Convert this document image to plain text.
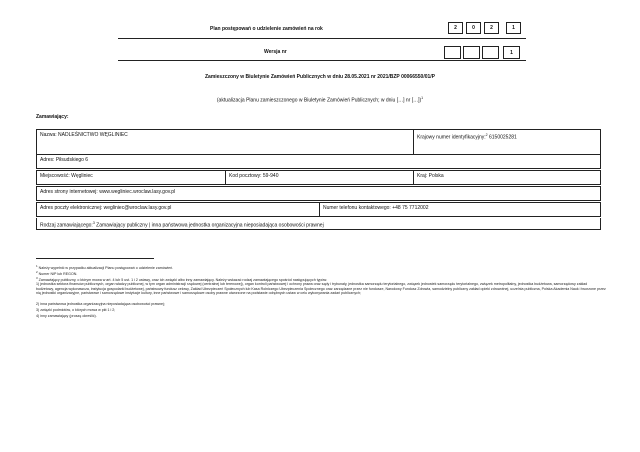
Plan postępowań o udzielenie zamówień na rok	2	0	2	1
Wersja nr	1
Zamieszczony w Biuletynie Zamówień Publicznych w dniu 28.05.2021 nr 2021/BZP 00066550/01/P
(aktualizacja Planu zamieszczonego w Biuletynie Zamówień Publicznych; w dniu […] nr […])$^1$
Zamawiający:
Nazwa: NADLEŚNICTWO WĘGLINIEC	Krajowy numer identyfikacyjny:$^2$ 6150025281
Adres: Piłsudskiego 6
Miejscowość: Węgliniec	Kod pocztowy: 59-940	Kraj: Polska
Adres strony internetowej: www.wegliniec.wroclaw.lasy.gov.pl
Adres poczty elektronicznej: wegliniec@wroclaw.lasy.gov.pl	Numer telefonu kontaktowego: +48 75 7712002
Rodzaj zamawiającego:$^3$ Zamawiający publiczny | inna państwowa jednostka organizacyjna nieposiadająca osobowości prawnej
$^1$ Należy wypełnić w przypadku aktualizacji Planu postępowań o udzielenie zamówień.
$^2$ Numer NIP lub REGON.
$^3$ Zamawiający publiczny, o którym mowa w art. 4 lub 5 ust. 1 i 2 ustawy, oraz ich związki albo inny zamawiający. Należy wskazać rodzaj zamawiającego spośród następujących typów:
1) jednostka sektora finansów publicznych, organ władzy publicznej, w tym organ administracji rządowej (centralnej lub terenowej), organ kontroli państwowej i ochrony prawa oraz sądy i trybunały, jednostka samorządu terytorialnego, związek jednostek samorządu terytorialnego, związek metropolitalny, jednostka budżetowa, samorządowy zakład budżetowy, agencja wykonawcza, instytucja gospodarki budżetowej, państwowy fundusz celowy, Zakład Ubezpieczeń Społecznych lub Kasa Rolniczego Ubezpieczenia Społecznego oraz zarządzane przez nie fundusze, Narodowy Fundusz Zdrowia, samodzielny publiczny zakład opieki zdrowotnej, uczelnia publiczna, Polska Akademia Nauk i tworzone przez nią jednostki organizacyjne, państwowe i samorządowe instytucje kultury, inne państwowe i samorządowe osoby prawne utworzone na podstawie odrębnych ustaw w celu wykonywania zadań publicznych;
2) inna państwowa jednostka organizacyjna nieposiadająca osobowości prawnej;
3) związki podmiotów, o których mowa w pkt 1 i 2;
4) inny zamawiający (proszę określić).
